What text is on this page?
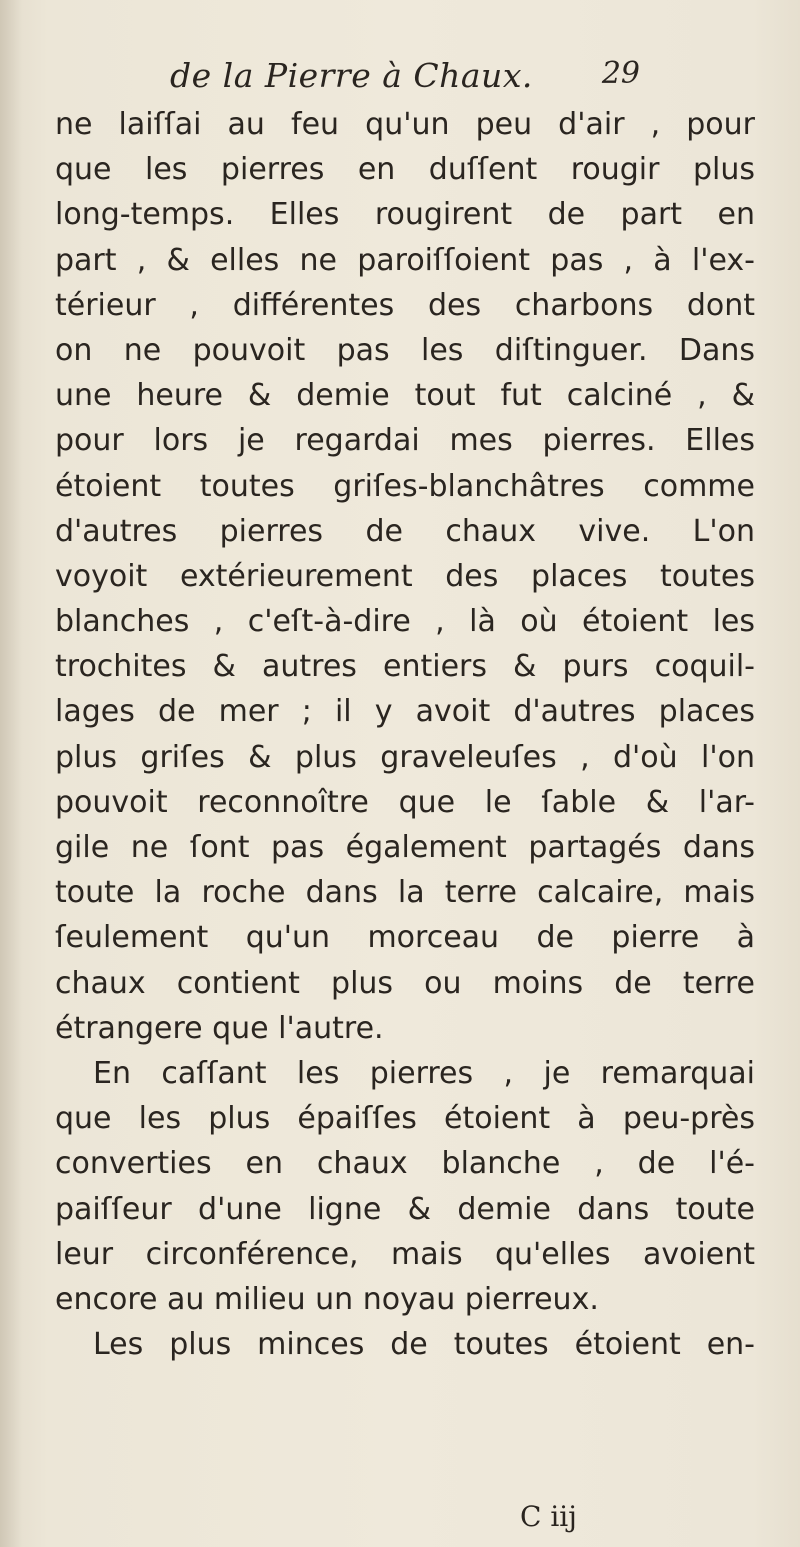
de la Pierre à Chaux. 29
ne laiſſai au feu qu'un peu d'air , pour
que les pierres en duſſent rougir plus
long-temps. Elles rougirent de part en
part , & elles ne paroiſſoient pas , à l'ex-
térieur , différentes des charbons dont
on ne pouvoit pas les diſtinguer. Dans
une heure & demie tout fut calciné , &
pour lors je regardai mes pierres. Elles
étoient toutes griſes-blanchâtres comme
d'autres pierres de chaux vive. L'on
voyoit extérieurement des places toutes
blanches , c'eſt-à-dire , là où étoient les
trochites & autres entiers & purs coquil-
lages de mer ; il y avoit d'autres places
plus griſes & plus graveleuſes , d'où l'on
pouvoit reconnoître que le ſable & l'ar-
gile ne ſont pas également partagés dans
toute la roche dans la terre calcaire, mais
ſeulement qu'un morceau de pierre à
chaux contient plus ou moins de terre
étrangere que l'autre.
En caſſant les pierres , je remarquai
que les plus épaiſſes étoient à peu-près
converties en chaux blanche , de l'é-
paiſſeur d'une ligne & demie dans toute
leur circonférence, mais qu'elles avoient
encore au milieu un noyau pierreux.
Les plus minces de toutes étoient en-
C iij
